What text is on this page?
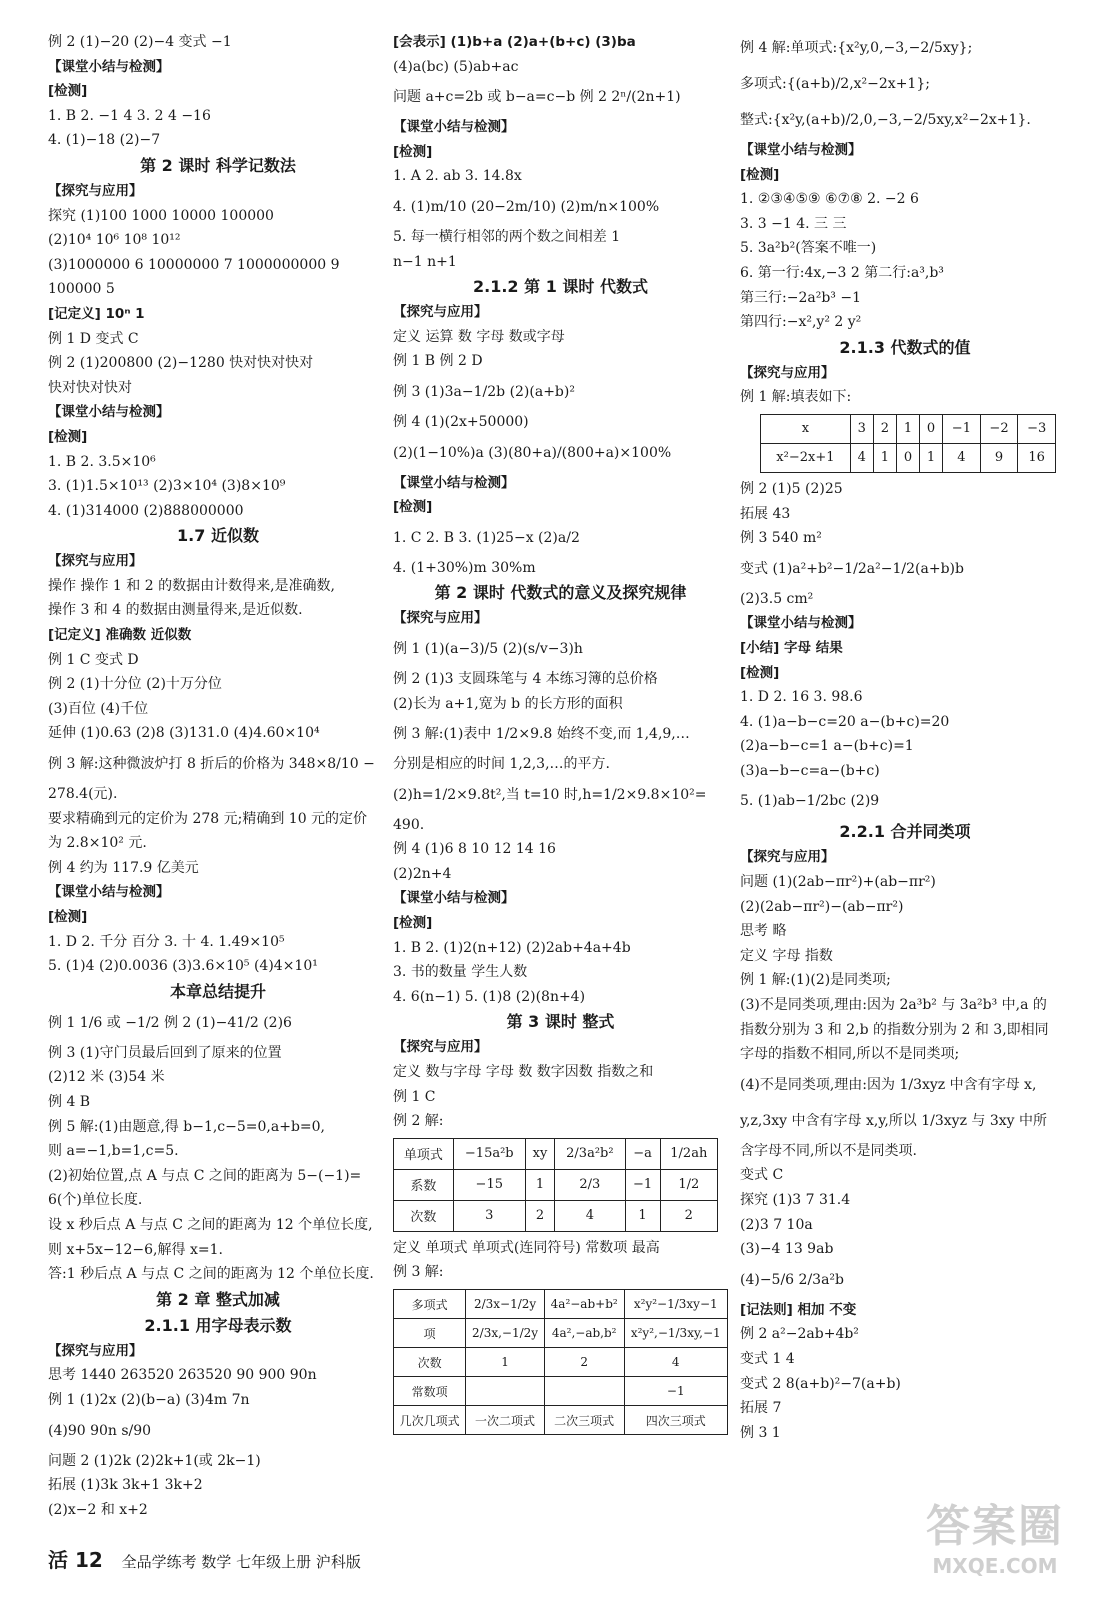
例 2 (1)−20 (2)−4 变式 −1
【课堂小结与检测】
[检测]
1. B 2. −1 4 3. 2 4 −16
4. (1)−18 (2)−7
第 2 课时 科学记数法
【探究与应用】
探究 (1)100 1000 10000 100000
(2)10⁴ 10⁶ 10⁸ 10¹²
(3)1000000 6 10000000 7 1000000000 9
100000 5
[记定义] 10ⁿ 1
例 1 D 变式 C
例 2 (1)200800 (2)−1280 快对快对快对
快对快对快对
【课堂小结与检测】
[检测]
1. B 2. 3.5×10⁶
3. (1)1.5×10¹³ (2)3×10⁴ (3)8×10⁹
4. (1)314000 (2)888000000
1.7 近似数
【探究与应用】
操作 操作 1 和 2 的数据由计数得来,是准确数,
操作 3 和 4 的数据由测量得来,是近似数.
[记定义] 准确数 近似数
例 1 C 变式 D
例 2 (1)十分位 (2)十万分位
(3)百位 (4)千位
延伸 (1)0.63 (2)8 (3)131.0 (4)4.60×10⁴
例 3 解:这种微波炉打 8 折后的价格为 348×8/10 −
278.4(元).
要求精确到元的定价为 278 元;精确到 10 元的定价
为 2.8×10² 元.
例 4 约为 117.9 亿美元
【课堂小结与检测】
[检测]
1. D 2. 千分 百分 3. 十 4. 1.49×10⁵
5. (1)4 (2)0.0036 (3)3.6×10⁵ (4)4×10¹
本章总结提升
例 1 1/6 或 −1/2 例 2 (1)−41/2 (2)6
例 3 (1)守门员最后回到了原来的位置
(2)12 米 (3)54 米
例 4 B
例 5 解:(1)由题意,得 b−1,c−5=0,a+b=0,
则 a=−1,b=1,c=5.
(2)初始位置,点 A 与点 C 之间的距离为 5−(−1)=
6(个)单位长度.
设 x 秒后点 A 与点 C 之间的距离为 12 个单位长度,
则 x+5x−12−6,解得 x=1.
答:1 秒后点 A 与点 C 之间的距离为 12 个单位长度.
第 2 章 整式加减
2.1.1 用字母表示数
【探究与应用】
思考 1440 263520 263520 90 900 90n
例 1 (1)2x (2)(b−a) (3)4m 7n
(4)90 90n s/90
问题 2 (1)2k (2)2k+1(或 2k−1)
拓展 (1)3k 3k+1 3k+2
(2)x−2 和 x+2
[会表示] (1)b+a (2)a+(b+c) (3)ba
(4)a(bc) (5)ab+ac
问题 a+c=2b 或 b−a=c−b 例 2 2ⁿ/(2n+1)
【课堂小结与检测】
[检测]
1. A 2. ab 3. 14.8x
4. (1)m/10 (20−2m/10) (2)m/n×100%
5. 每一横行相邻的两个数之间相差 1
n−1 n+1
2.1.2 第 1 课时 代数式
【探究与应用】
定义 运算 数 字母 数或字母
例 1 B 例 2 D
例 3 (1)3a−1/2b (2)(a+b)²
例 4 (1)(2x+50000)
(2)(1−10%)a (3)(80+a)/(800+a)×100%
【课堂小结与检测】
[检测]
1. C 2. B 3. (1)25−x (2)a/2
4. (1+30%)m 30%m
第 2 课时 代数式的意义及探究规律
【探究与应用】
例 1 (1)(a−3)/5 (2)(s/v−3)h
例 2 (1)3 支圆珠笔与 4 本练习簿的总价格
(2)长为 a+1,宽为 b 的长方形的面积
例 3 解:(1)表中 1/2×9.8 始终不变,而 1,4,9,…
分别是相应的时间 1,2,3,…的平方.
(2)h=1/2×9.8t²,当 t=10 时,h=1/2×9.8×10²=
490.
例 4 (1)6 8 10 12 14 16
(2)2n+4
【课堂小结与检测】
[检测]
1. B 2. (1)2(n+12) (2)2ab+4a+4b
3. 书的数量 学生人数
4. 6(n−1) 5. (1)8 (2)(8n+4)
第 3 课时 整式
【探究与应用】
定义 数与字母 字母 数 数字因数 指数之和
例 1 C
例 2 解:
单项式	−15a²b	xy	2/3a²b²	−a	1/2ah
系数	−15	1	2/3	−1	1/2
次数	3	2	4	1	2
定义 单项式 单项式(连同符号) 常数项 最高
例 3 解:
多项式	2/3x−1/2y	4a²−ab+b²	x²y²−1/3xy−1
项	2/3x,−1/2y	4a²,−ab,b²	x²y²,−1/3xy,−1
次数	1	2	4
常数项			−1
几次几项式	一次二项式	二次三项式	四次三项式
例 4 解:单项式:{x²y,0,−3,−2/5xy};
多项式:{(a+b)/2,x²−2x+1};
整式:{x²y,(a+b)/2,0,−3,−2/5xy,x²−2x+1}.
【课堂小结与检测】
[检测]
1. ②③④⑤⑨ ⑥⑦⑧ 2. −2 6
3. 3 −1 4. 三 三
5. 3a²b²(答案不唯一)
6. 第一行:4x,−3 2 第二行:a³,b³
第三行:−2a²b³ −1
第四行:−x²,y² 2 y²
2.1.3 代数式的值
【探究与应用】
例 1 解:填表如下:
x	3	2	1	0	−1	−2	−3
x²−2x+1	4	1	0	1	4	9	16
例 2 (1)5 (2)25
拓展 43
例 3 540 m²
变式 (1)a²+b²−1/2a²−1/2(a+b)b
(2)3.5 cm²
【课堂小结与检测】
[小结] 字母 结果
[检测]
1. D 2. 16 3. 98.6
4. (1)a−b−c=20 a−(b+c)=20
(2)a−b−c=1 a−(b+c)=1
(3)a−b−c=a−(b+c)
5. (1)ab−1/2bc (2)9
2.2.1 合并同类项
【探究与应用】
问题 (1)(2ab−πr²)+(ab−πr²)
(2)(2ab−πr²)−(ab−πr²)
思考 略
定义 字母 指数
例 1 解:(1)(2)是同类项;
(3)不是同类项,理由:因为 2a³b² 与 3a²b³ 中,a 的
指数分别为 3 和 2,b 的指数分别为 2 和 3,即相同
字母的指数不相同,所以不是同类项;
(4)不是同类项,理由:因为 1/3xyz 中含有字母 x,
y,z,3xy 中含有字母 x,y,所以 1/3xyz 与 3xy 中所
含字母不同,所以不是同类项.
变式 C
探究 (1)3 7 31.4
(2)3 7 10a
(3)−4 13 9ab
(4)−5/6 2/3a²b
[记法则] 相加 不变
例 2 a²−2ab+4b²
变式 1 4
变式 2 8(a+b)²−7(a+b)
拓展 7
例 3 1
活 12 全品学练考 数学 七年级上册 沪科版
答案圈
MXQE.COM
